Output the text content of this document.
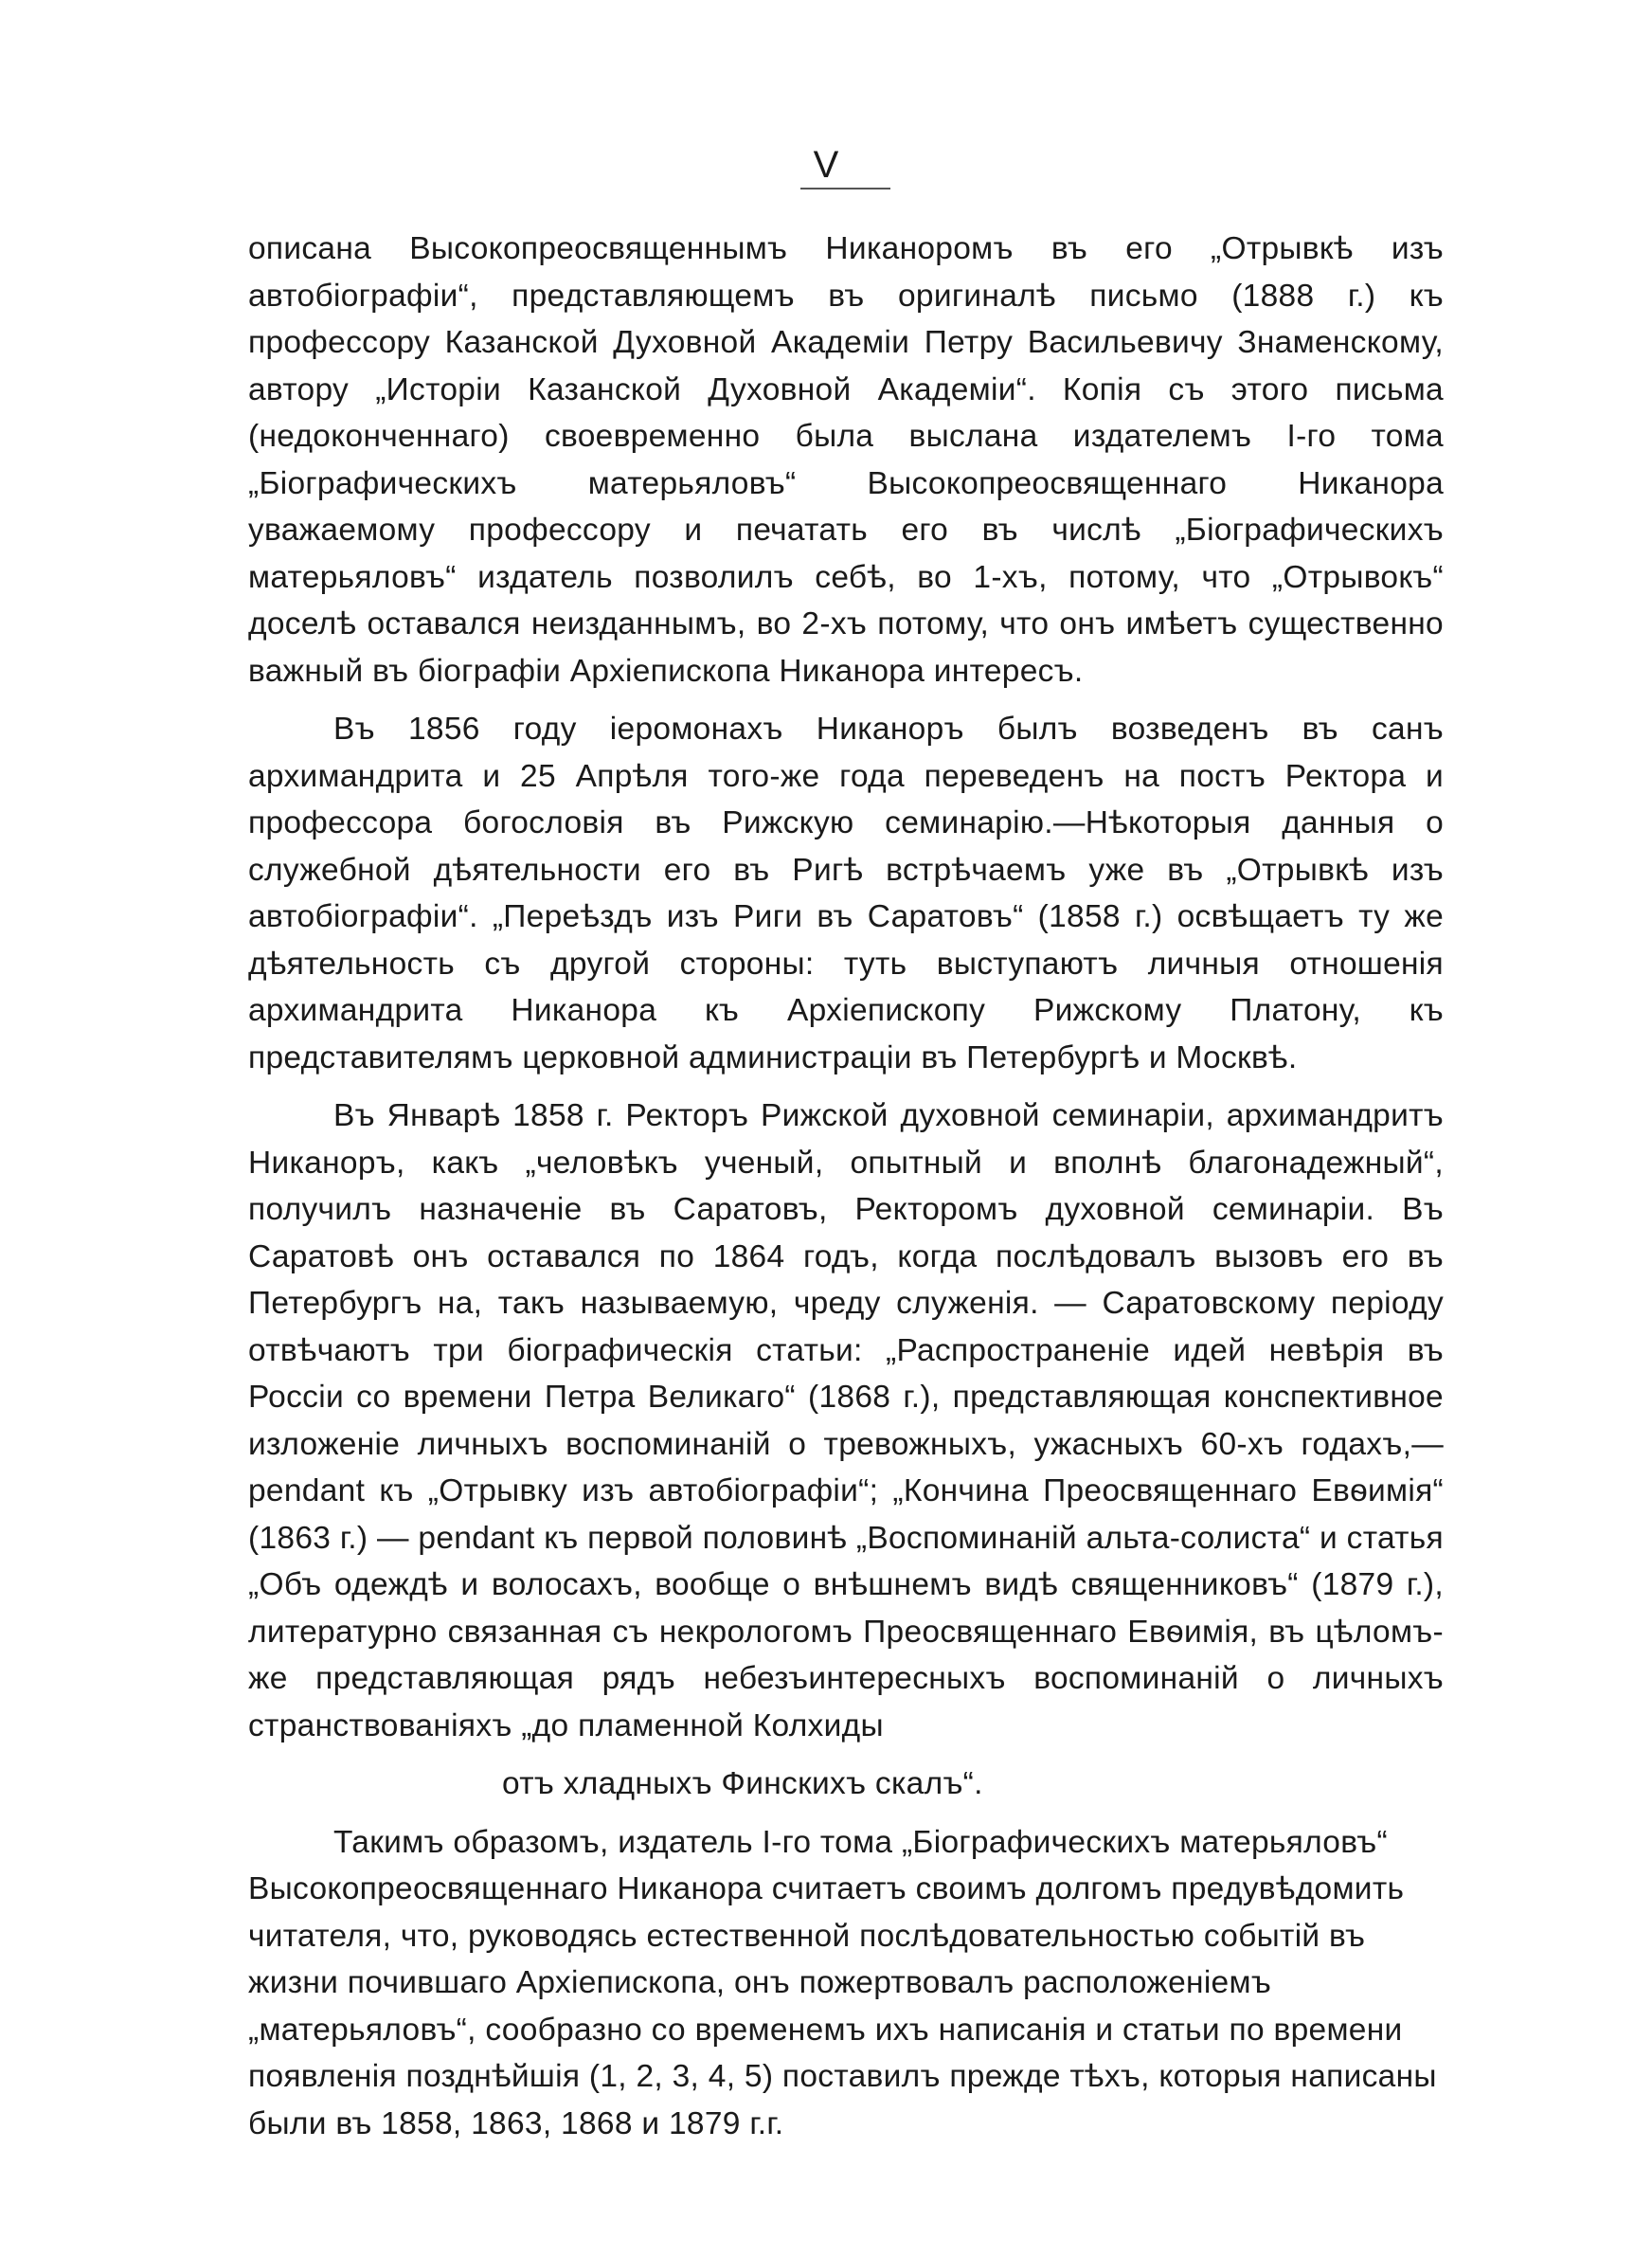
V

описана Высокопреосвященнымъ Никаноромъ въ его „Отрывкѣ изъ автобіографіи“, представляющемъ въ оригиналѣ письмо (1888 г.) къ профессору Казанской Духовной Академіи Петру Васильевичу Знаменскому, автору „Исторіи Казанской Духовной Академіи“. Копія съ этого письма (недоконченнаго) своевременно была выслана издателемъ I-го тома „Біографическихъ матерьяловъ“ Высокопреосвященнаго Никанора уважаемому профессору и печатать его въ числѣ „Біографическихъ матерьяловъ“ издатель позволилъ себѣ, во 1-хъ, потому, что „Отрывокъ“ доселѣ оставался неизданнымъ, во 2-хъ потому, что онъ имѣетъ существенно важный въ біографіи Архіепископа Никанора интересъ.

Въ 1856 году іеромонахъ Никаноръ былъ возведенъ въ санъ архимандрита и 25 Апрѣля того-же года переведенъ на постъ Ректора и профессора богословія въ Рижскую семинарію.—Нѣкоторыя данныя о служебной дѣятельности его въ Ригѣ встрѣчаемъ уже въ „Отрывкѣ изъ автобіографіи“. „Переѣздъ изъ Риги въ Саратовъ“ (1858 г.) освѣщаетъ ту же дѣятельность съ другой стороны: туть выступаютъ личныя отношенія архимандрита Никанора къ Архіепископу Рижскому Платону, къ представителямъ церковной администраціи въ Петербургѣ и Москвѣ.

Въ Январѣ 1858 г. Ректоръ Рижской духовной семинаріи, архимандритъ Никаноръ, какъ „человѣкъ ученый, опытный и вполнѣ благонадежный“, получилъ назначеніе въ Саратовъ, Ректоромъ духовной семинаріи. Въ Саратовѣ онъ оставался по 1864 годъ, когда послѣдовалъ вызовъ его въ Петербургъ на, такъ называемую, чреду служенія. — Саратовскому періоду отвѣчаютъ три біографическія статьи: „Распространеніе идей невѣрія въ Россіи со времени Петра Великаго“ (1868 г.), представляющая конспективное изложеніе личныхъ воспоминаній о тревожныхъ, ужасныхъ 60-хъ годахъ,— pendant къ „Отрывку изъ автобіографіи“; „Кончина Преосвященнаго Евѳимія“ (1863 г.) — pendant къ первой половинѣ „Воспоминаній альта-солиста“ и статья „Объ одеждѣ и волосахъ, вообще о внѣшнемъ видѣ священниковъ“ (1879 г.), литературно связанная съ некрологомъ Преосвященнаго Евѳимія, въ цѣломъ-же представляющая рядъ небезъинтересныхъ воспоминаній о личныхъ странствованіяхъ „до пламенной Колхиды

отъ хладныхъ Финскихъ скалъ“.

Такимъ образомъ, издатель I-го тома „Біографическихъ матерьяловъ“ Высокопреосвященнаго Никанора считаетъ своимъ долгомъ предувѣдомить читателя, что, руководясь естественной послѣдовательностью событій въ жизни почившаго Архіепископа, онъ пожертвовалъ расположеніемъ „матерьяловъ“, сообразно со временемъ ихъ написанія и статьи по времени появленія позднѣйшія (1, 2, 3, 4, 5) поставилъ прежде тѣхъ, которыя написаны были въ 1858, 1863, 1868 и 1879 г.г.
